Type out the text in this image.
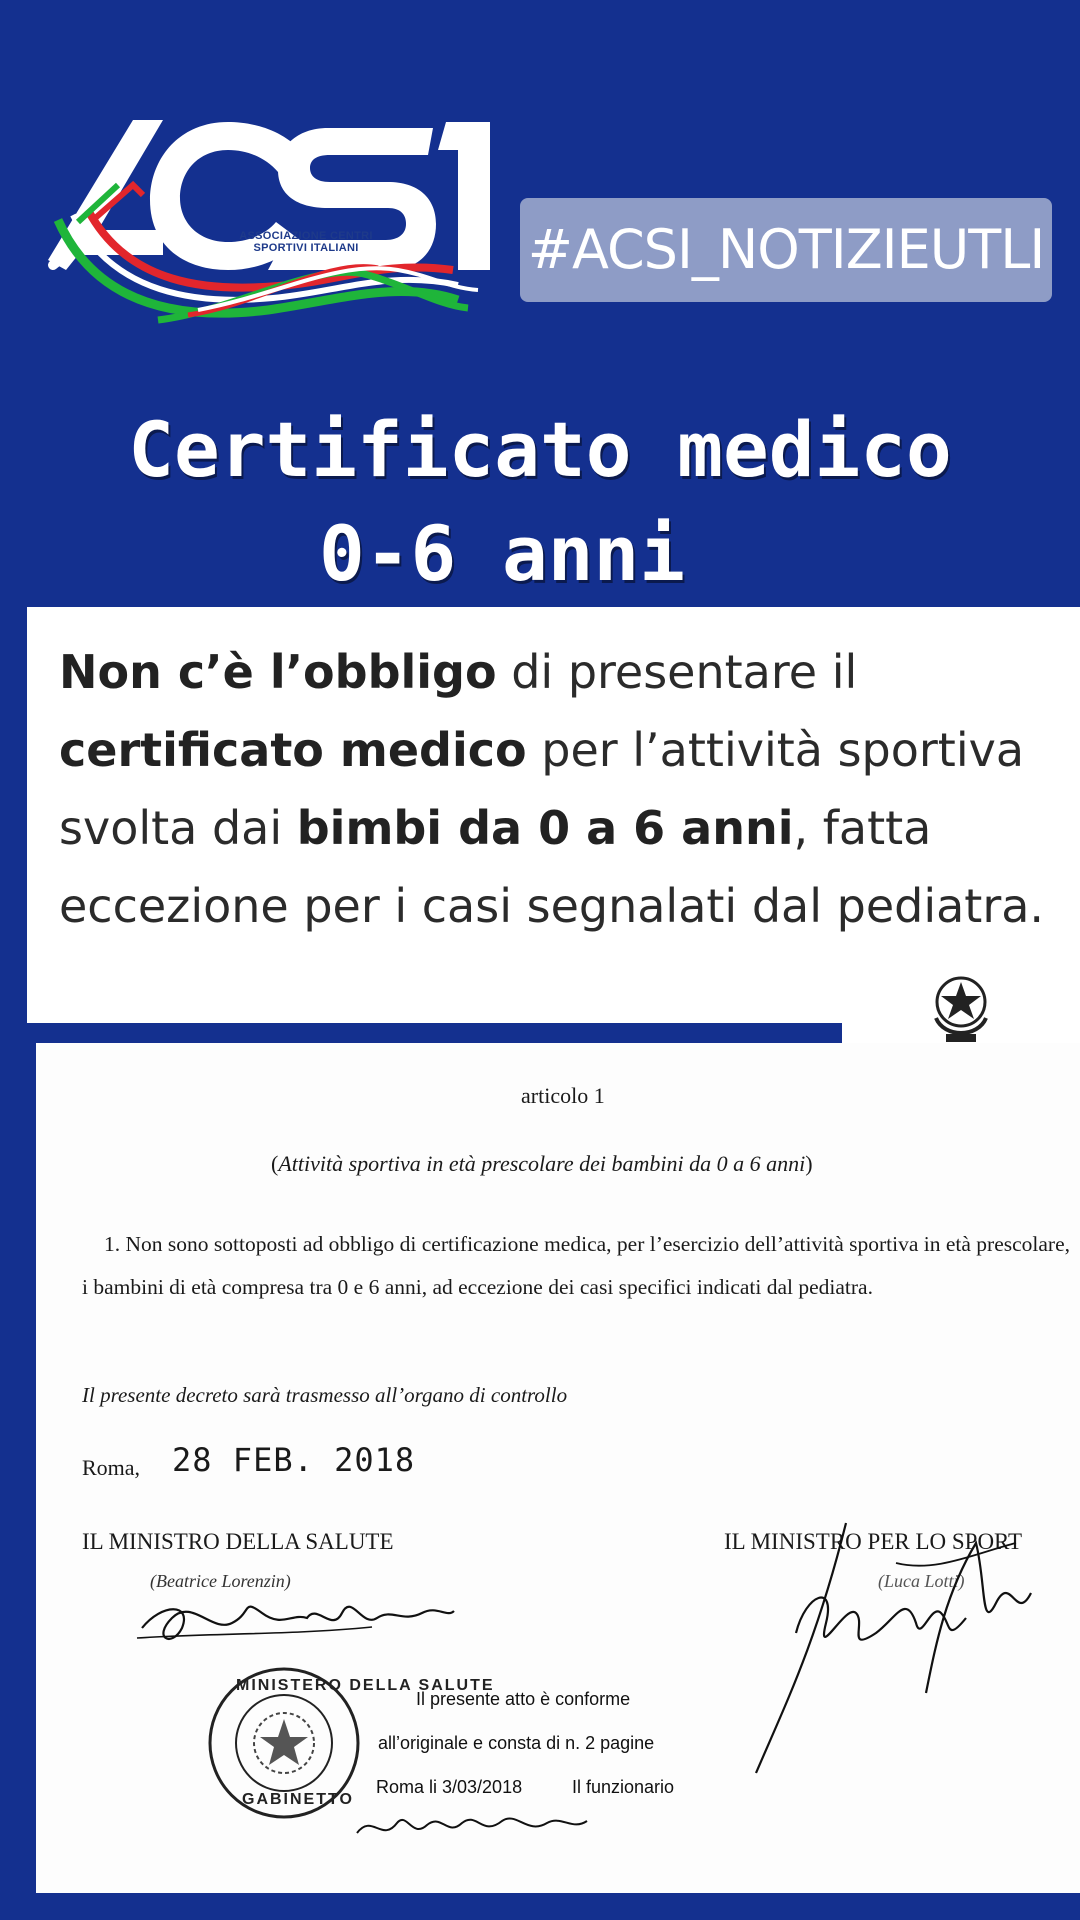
ASSOCIAZIONE CENTRI SPORTIVI ITALIANI	#ACSI_NOTIZIEUTLI
Certificato medico
0-6 anni
Non c’è l’obbligo di presentare il certificato medico per l’attività sportiva svolta dai bimbi da 0 a 6 anni, fatta eccezione per i casi segnalati dal pediatra.
articolo 1
(Attività sportiva in età prescolare dei bambini da 0 a 6 anni)
1. Non sono sottoposti ad obbligo di certificazione medica, per l’esercizio dell’attività sportiva in età prescolare, i bambini di età compresa tra 0 e 6 anni, ad eccezione dei casi specifici indicati dal pediatra.
Il presente decreto sarà trasmesso all’organo di controllo
Roma, 28 FEB. 2018
IL MINISTRO DELLA SALUTE	IL MINISTRO PER LO SPORT
(Beatrice Lorenzin)	(Luca Lotti)
MINISTERO DELLA SALUTE
GABINETTO
Il presente atto è conforme
all’originale e consta di n. 2 pagine
Roma li 3/03/2018	Il funzionario
